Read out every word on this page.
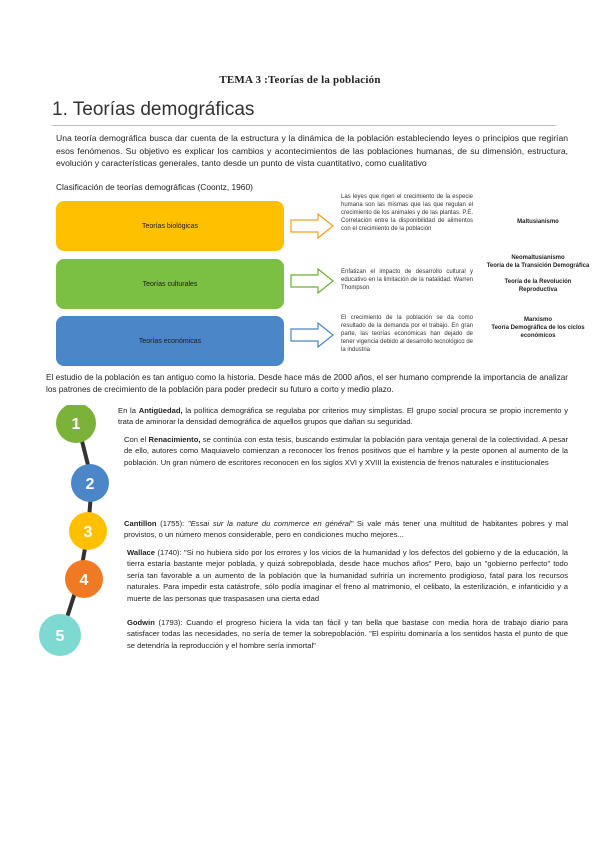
TEMA 3 :Teorías de la población
1. Teorías demográficas
Una teoría demográfica busca dar cuenta de la estructura y la dinámica de la población estableciendo leyes o principios que regirían esos fenómenos. Su objetivo es explicar los cambios y acontecimientos de las poblaciones humanas, de su dimensión, estructura, evolución y características generales, tanto desde un punto de vista cuantitativo, como cualitativo
Clasificación de teorías demográficas (Coontz, 1960)
Teorías biológicas
Las leyes que rigen el crecimiento de la especie humana son las mismas que las que regulan el crecimiento de los animales y de las plantas. P.E. Correlación entre la disponibilidad de alimentos con el crecimiento de la población
Maltusianismo
Teorías culturales
Enfatizan el impacto de desarrollo cultural y educativo en la limitación de la natalidad. Warren Thompson
Neomaltusianismo
Teoría de la Transición Demográfica
Teoría de la Revolución Reproductiva
Teorías económicas
El crecimiento de la población se da como resultado de la demanda por el trabajo. En gran parte, las teorías económicas han dejado de tener vigencia debido al desarrollo tecnológico de la industria
Marxismo
Teoría Demográfica de los ciclos económicos
El estudio de la población es tan antiguo como la historia. Desde hace más de 2000 años, el ser humano comprende la importancia de analizar los patrones de crecimiento de la población para poder predecir su futuro a corto y medio plazo.
1
2
3
4
5
En la Antigüedad, la política demográfica se regulaba por criterios muy simplistas. El grupo social procura se propio incremento y trata de aminorar la densidad demográfica de aquellos grupos que dañan su seguridad.
Con el Renacimiento, se continúa con esta tesis, buscando estimular la población para ventaja general de la colectividad. A pesar de ello, autores como Maquiavelo comienzan a reconocer los frenos positivos que el hambre y la peste oponen al aumento de la población. Un gran número de escritores reconocen en los siglos XVI y XVIII la existencia de frenos naturales e institucionales
Cantillon (1755): "Essai sur la nature du commerce en général" Si vale más tener una multitud de habitantes pobres y mal provistos, o un número menos considerable, pero en condiciones mucho mejores...
Wallace (1740): "Si no hubiera sido por los errores y los vicios de la humanidad y los defectos del gobierno y de la educación, la tierra estaría bastante mejor poblada, y quizá sobrepoblada, desde hace muchos años" Pero, bajo un "gobierno perfecto" todo sería tan favorable a un aumento de la población que la humanidad sufriría un incremento prodigioso, fatal para los recursos naturales. Para impedir esta catástrofe, sólo podía imaginar el freno al matrimonio, el celibato, la esterilización, e infanticidio y a muerte de las personas que traspasasen una cierta edad
Godwin (1793): Cuando el progreso hiciera la vida tan fácil y tan bella que bastase con media hora de trabajo diario para satisfacer todas las necesidades, no sería de temer la sobrepoblación. "El espíritu dominaría a los sentidos hasta el punto de que se detendría la reproducción y el hombre sería inmortal"
